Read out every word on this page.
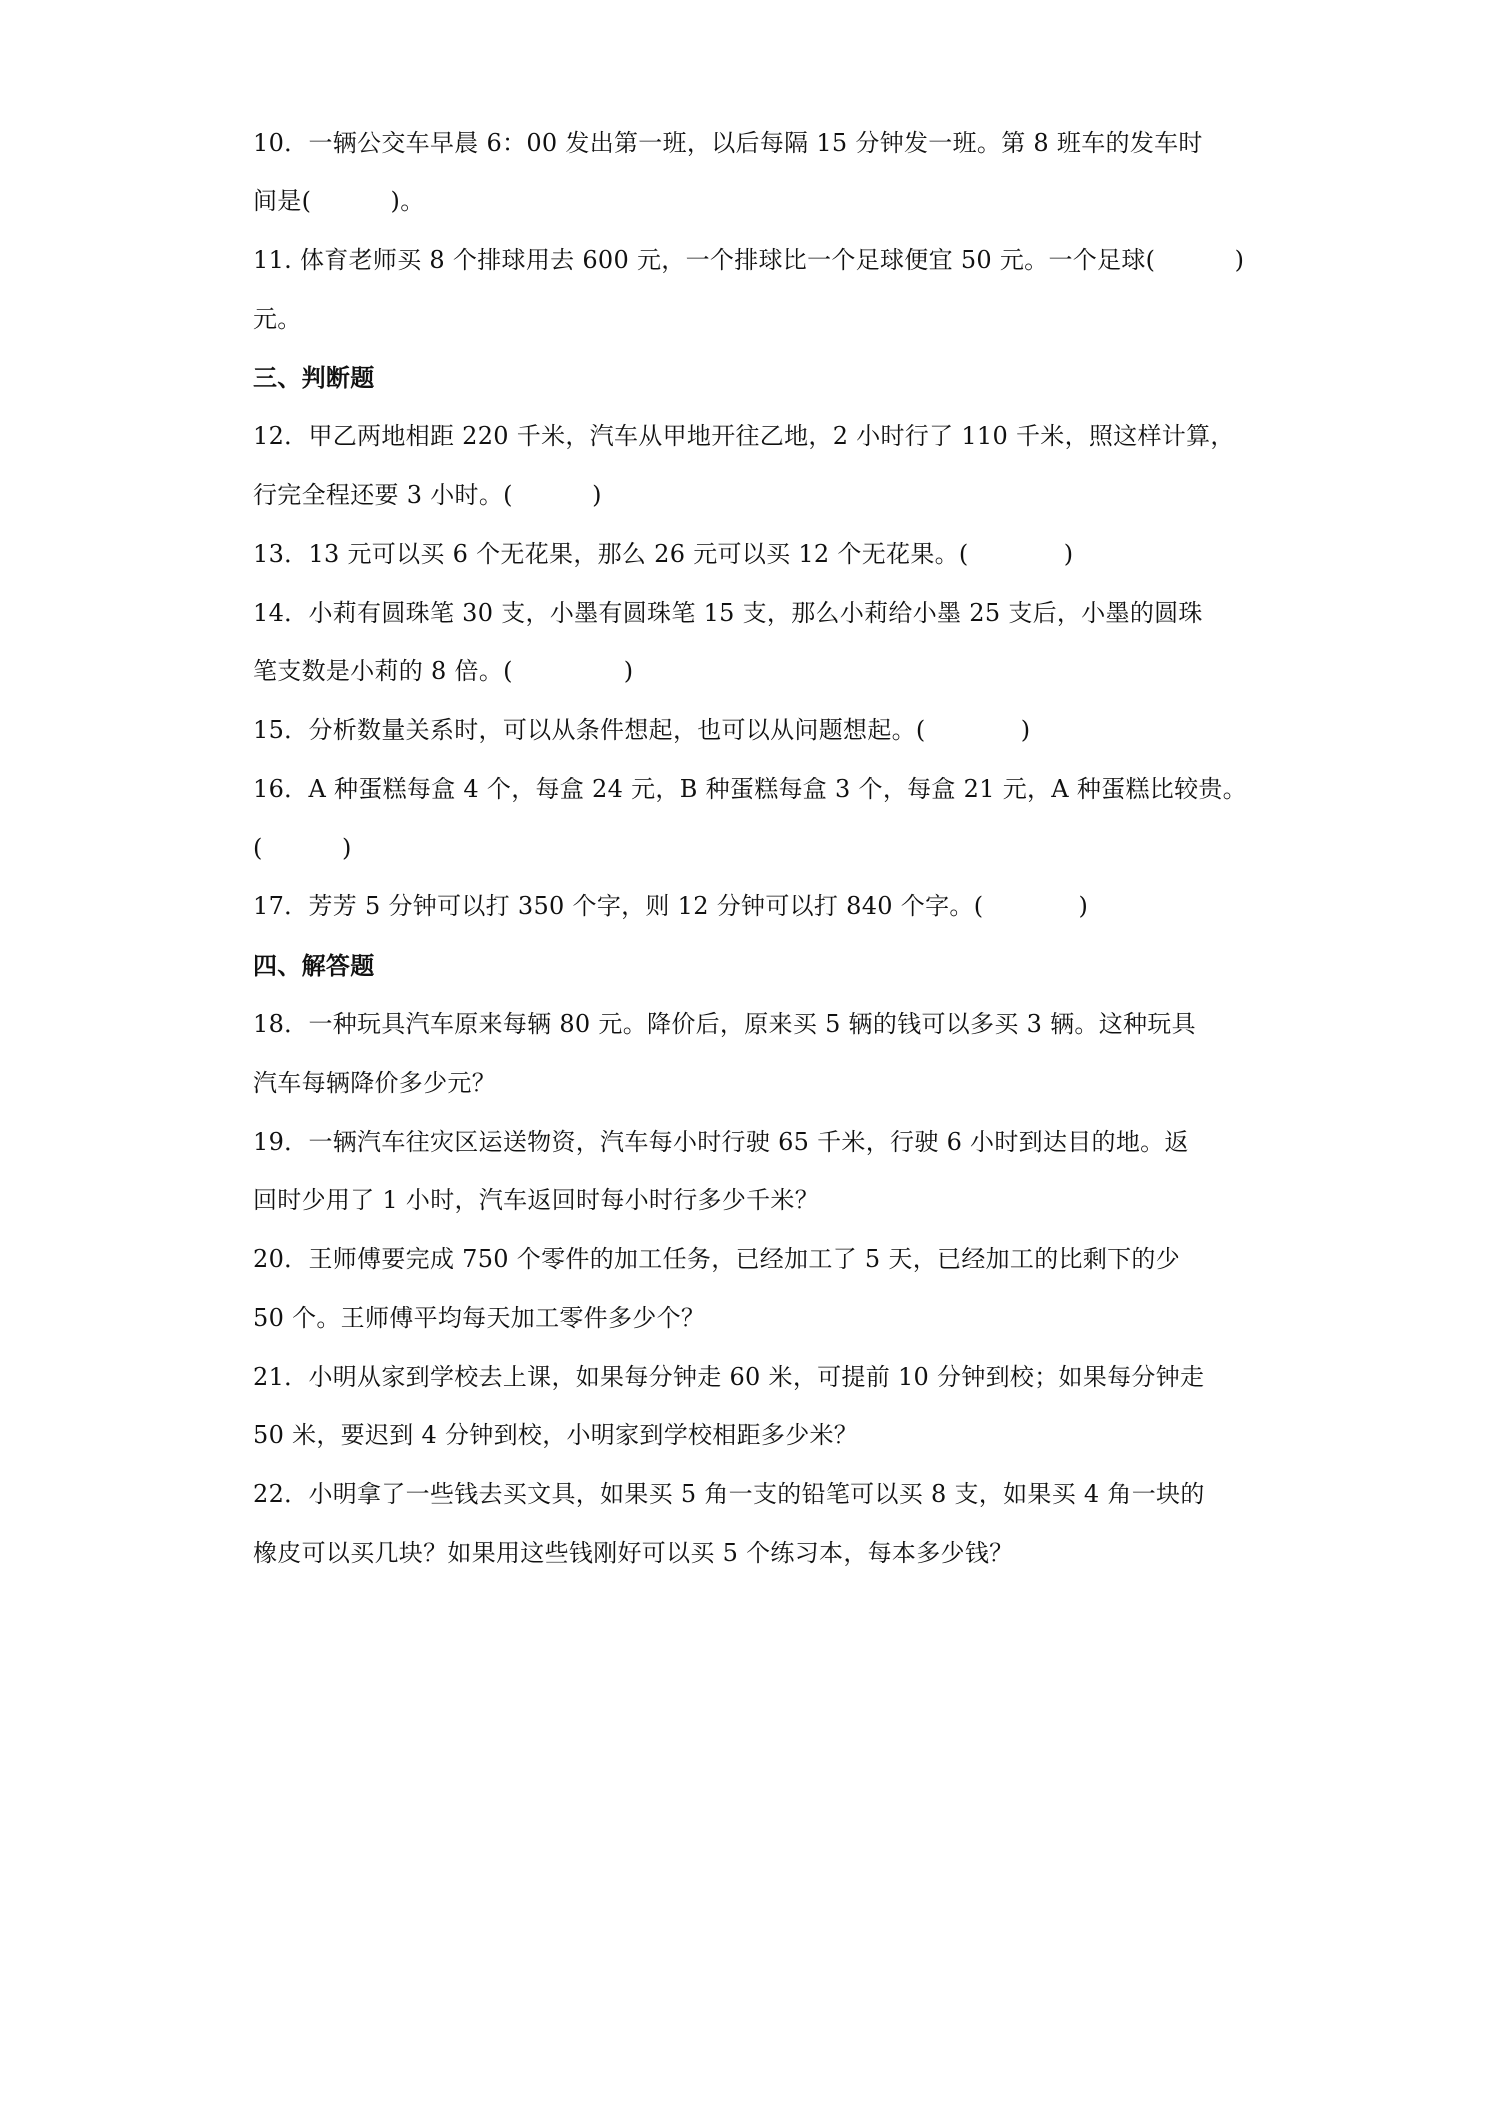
10．一辆公交车早晨 6：00 发出第一班，以后每隔 15 分钟发一班。第 8 班车的发车时
间是(          )。
11. 体育老师买 8 个排球用去 600 元，一个排球比一个足球便宜 50 元。一个足球(          )
元。
三、判断题
12．甲乙两地相距 220 千米，汽车从甲地开往乙地，2 小时行了 110 千米，照这样计算，
行完全程还要 3 小时。(          )
13．13 元可以买 6 个无花果，那么 26 元可以买 12 个无花果。(            )
14．小莉有圆珠笔 30 支，小墨有圆珠笔 15 支，那么小莉给小墨 25 支后，小墨的圆珠
笔支数是小莉的 8 倍。(              )
15．分析数量关系时，可以从条件想起，也可以从问题想起。(            )
16．A 种蛋糕每盒 4 个，每盒 24 元，B 种蛋糕每盒 3 个，每盒 21 元，A 种蛋糕比较贵。
(          )
17．芳芳 5 分钟可以打 350 个字，则 12 分钟可以打 840 个字。(            )
四、解答题
18．一种玩具汽车原来每辆 80 元。降价后，原来买 5 辆的钱可以多买 3 辆。这种玩具
汽车每辆降价多少元？
19．一辆汽车往灾区运送物资，汽车每小时行驶 65 千米，行驶 6 小时到达目的地。返
回时少用了 1 小时，汽车返回时每小时行多少千米？
20．王师傅要完成 750 个零件的加工任务，已经加工了 5 天，已经加工的比剩下的少
50 个。王师傅平均每天加工零件多少个？
21．小明从家到学校去上课，如果每分钟走 60 米，可提前 10 分钟到校；如果每分钟走
50 米，要迟到 4 分钟到校，小明家到学校相距多少米？
22．小明拿了一些钱去买文具，如果买 5 角一支的铅笔可以买 8 支，如果买 4 角一块的
橡皮可以买几块？如果用这些钱刚好可以买 5 个练习本，每本多少钱？
